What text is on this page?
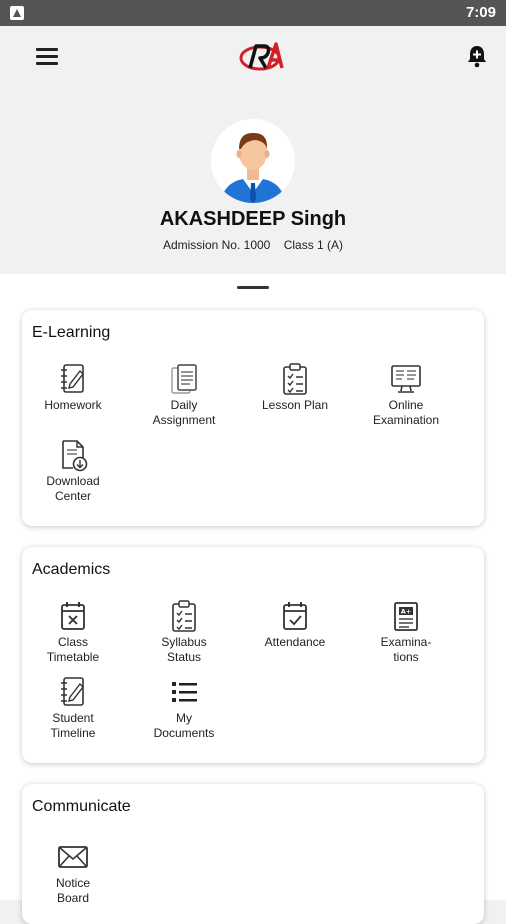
7:09
AKASHDEEP Singh
Admission No. 1000 Class 1 (A)
E-Learning
Homework	Daily
Assignment
Lesson Plan	Online
Examination
Download
Center
Academics
Class
Timetable
Syllabus
Status
Attendance
A+
Examina-
tions
Student
Timeline
My
Documents
Communicate
Notice
Board
